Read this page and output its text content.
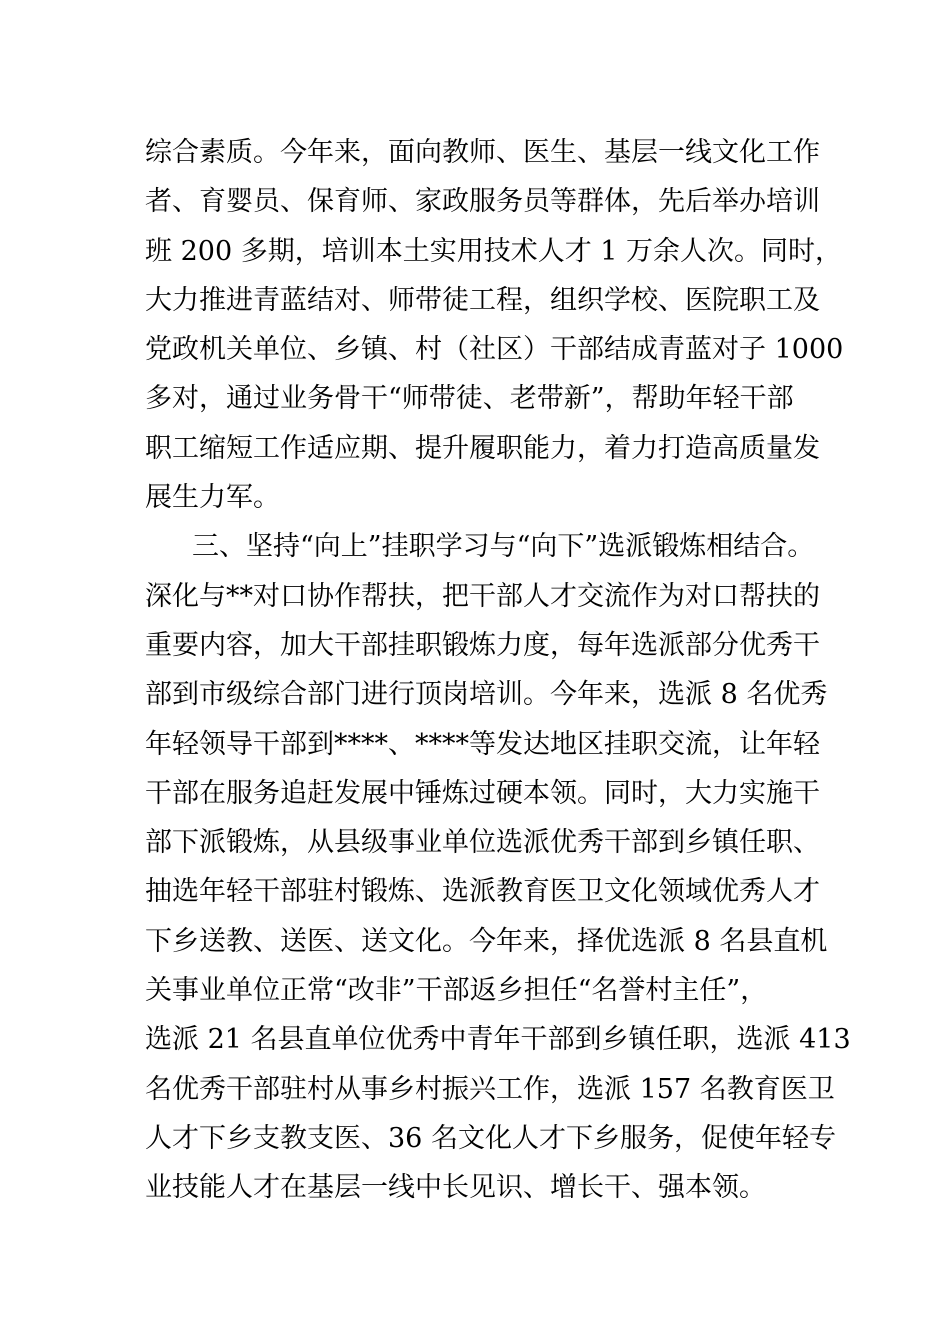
综合素质。今年来，面向教师、医生、基层一线文化工作
者、育婴员、保育师、家政服务员等群体，先后举办培训
班 200 多期，培训本土实用技术人才 1 万余人次。同时，
大力推进青蓝结对、师带徒工程，组织学校、医院职工及
党政机关单位、乡镇、村（社区）干部结成青蓝对子 1000
多对，通过业务骨干“师带徒、老带新”，帮助年轻干部
职工缩短工作适应期、提升履职能力，着力打造高质量发
展生力军。
三、坚持“向上”挂职学习与“向下”选派锻炼相结合。
深化与**对口协作帮扶，把干部人才交流作为对口帮扶的
重要内容，加大干部挂职锻炼力度，每年选派部分优秀干
部到市级综合部门进行顶岗培训。今年来，选派 8 名优秀
年轻领导干部到****、****等发达地区挂职交流，让年轻
干部在服务追赶发展中锤炼过硬本领。同时，大力实施干
部下派锻炼，从县级事业单位选派优秀干部到乡镇任职、
抽选年轻干部驻村锻炼、选派教育医卫文化领域优秀人才
下乡送教、送医、送文化。今年来，择优选派 8 名县直机
关事业单位正常“改非”干部返乡担任“名誉村主任”，
选派 21 名县直单位优秀中青年干部到乡镇任职，选派 413
名优秀干部驻村从事乡村振兴工作，选派 157 名教育医卫
人才下乡支教支医、36 名文化人才下乡服务，促使年轻专
业技能人才在基层一线中长见识、增长干、强本领。
